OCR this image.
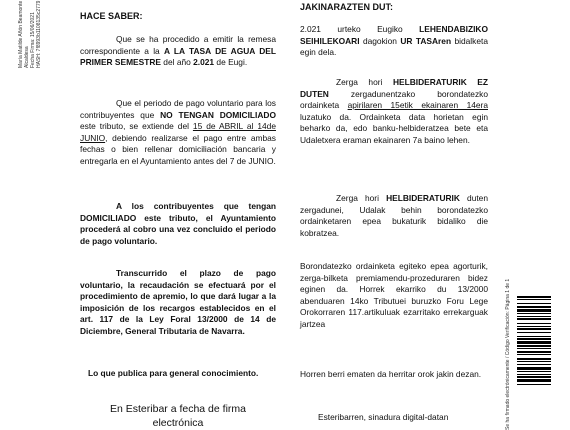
María Matilde Añón Beamonte Alcaldesa Fecha Firma: 15/06/2021 HASH: 7f8993b1108135c2779	HACE SABER:

Que se ha procedido a emitir la remesa correspondiente a la A LA TASA DE AGUA DEL PRIMER SEMESTRE del año 2.021 de Eugi.

Que el periodo de pago voluntario para los contribuyentes que NO TENGAN DOMICILIADO este tributo, se extiende del 15 de ABRIL al 14de JUNIO, debiendo realizarse el pago entre ambas fechas o bien rellenar domiciliación bancaria y entregarla en el Ayuntamiento antes del 7 de JUNIO.

A los contribuyentes que tengan DOMICILIADO este tributo, el Ayuntamiento procederá al cobro una vez concluido el periodo de pago voluntario.

Transcurrido el plazo de pago voluntario, la recaudación se efectuará por el procedimiento de apremio, lo que dará lugar a la imposición de los recargos establecidos en el art. 117 de la Ley Foral 13/2000 de 14 de Diciembre, General Tributaria de Navarra.

Lo que publica para general conocimiento.

En Esteribar a fecha de firma electrónica

JAKINARAZTEN DUT:

2.021 urteko Eugiko LEHENDABIZIKO SEIHILEKOARI dagokion UR TASAren bidalketa egin dela.

Zerga hori HELBIDERATURIK EZ DUTEN zergadunentzako borondatezko ordainketa apirilaren 15etik ekainaren 14era luzatuko da. Ordainketa data horietan egin beharko da, edo banku-helbideratzea bete eta Udaletxera eraman ekainaren 7a baino lehen.

Zerga hori HELBIDERATURIK duten zergadunei, Udalak behin borondatezko ordainketaren epea bukaturik bidaliko die kobratzea.

Borondatezko ordainketa egiteko epea agorturik, zerga-bilketa premiamendu-prozeduraren bidez eginen da. Horrek ekarriko du 13/2000 abenduaren 14ko Tributuei buruzko Foru Lege Orokorraren 117.artikuluak ezarritako errekarguak jartzea

Horren berri ematen da herritar orok jakin dezan.

Esteribarren, sinadura digital-datan	Se ha firmado electrónicamente / Código Verificación: Página 1 de 1
